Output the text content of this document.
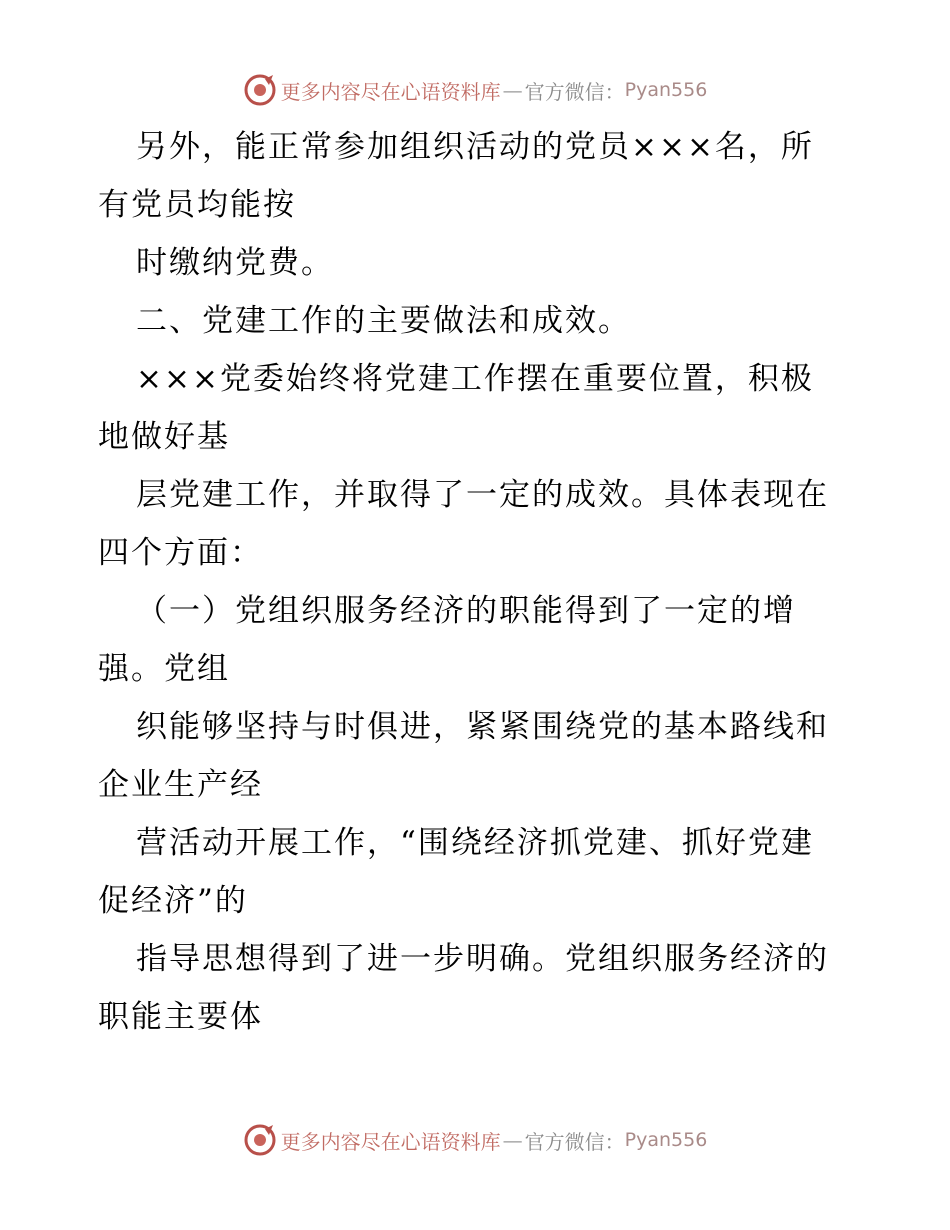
更多内容尽在心语资料库 — 官方微信： Pyan556
另外，能正常参加组织活动的党员×××名，所
有党员均能按
时缴纳党费。
二、党建工作的主要做法和成效。
×××党委始终将党建工作摆在重要位置，积极
地做好基
层党建工作，并取得了一定的成效。具体表现在
四个方面：
（一）党组织服务经济的职能得到了一定的增
强。党组
织能够坚持与时俱进，紧紧围绕党的基本路线和
企业生产经
营活动开展工作，“围绕经济抓党建、抓好党建
促经济”的
指导思想得到了进一步明确。党组织服务经济的
职能主要体
更多内容尽在心语资料库 — 官方微信： Pyan556
